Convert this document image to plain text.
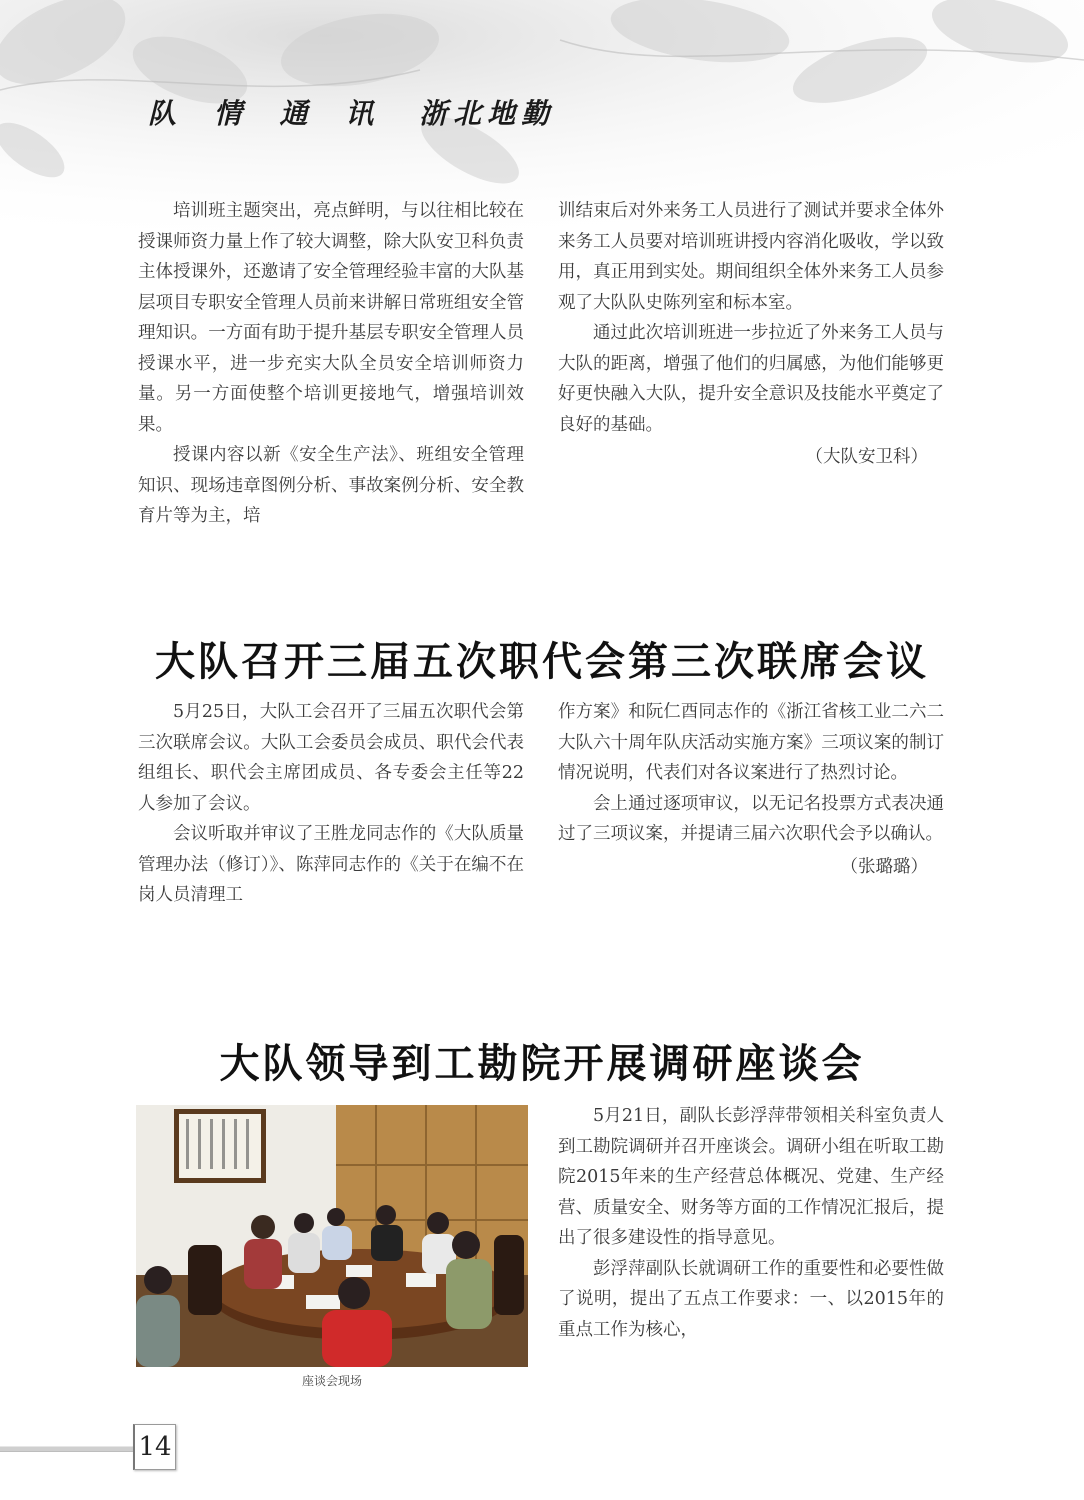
队 情 通 讯 浙北地勤

培训班主题突出，亮点鲜明，与以往相比较在授课师资力量上作了较大调整，除大队安卫科负责主体授课外，还邀请了安全管理经验丰富的大队基层项目专职安全管理人员前来讲解日常班组安全管理知识。一方面有助于提升基层专职安全管理人员授课水平，进一步充实大队全员安全培训师资力量。另一方面使整个培训更接地气，增强培训效果。

授课内容以新《安全生产法》、班组安全管理知识、现场违章图例分析、事故案例分析、安全教育片等为主，培

训结束后对外来务工人员进行了测试并要求全体外来务工人员要对培训班讲授内容消化吸收，学以致用，真正用到实处。期间组织全体外来务工人员参观了大队队史陈列室和标本室。

通过此次培训班进一步拉近了外来务工人员与大队的距离，增强了他们的归属感，为他们能够更好更快融入大队，提升安全意识及技能水平奠定了良好的基础。

（大队安卫科）
大队召开三届五次职代会第三次联席会议

5月25日，大队工会召开了三届五次职代会第三次联席会议。大队工会委员会成员、职代会代表组组长、职代会主席团成员、各专委会主任等22人参加了会议。

会议听取并审议了王胜龙同志作的《大队质量管理办法（修订）》、陈萍同志作的《关于在编不在岗人员清理工

作方案》和阮仁酉同志作的《浙江省核工业二六二大队六十周年队庆活动实施方案》三项议案的制订情况说明，代表们对各议案进行了热烈讨论。

会上通过逐项审议，以无记名投票方式表决通过了三项议案，并提请三届六次职代会予以确认。

（张璐璐）
大队领导到工勘院开展调研座谈会
座谈会现场

5月21日，副队长彭浮萍带领相关科室负责人到工勘院调研并召开座谈会。调研小组在听取工勘院2015年来的生产经营总体概况、党建、生产经营、质量安全、财务等方面的工作情况汇报后，提出了很多建设性的指导意见。

彭浮萍副队长就调研工作的重要性和必要性做了说明，提出了五点工作要求：一、以2015年的重点工作为核心，

14
